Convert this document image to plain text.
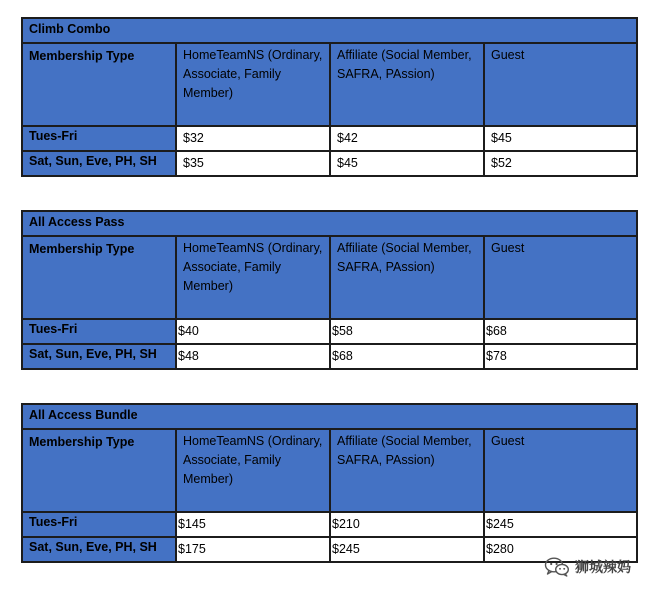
Climb Combo			
Membership Type	HomeTeamNS (Ordinary, Associate, Family Member)	Affiliate (Social Member, SAFRA, PAssion)	Guest
Tues-Fri	$32	$42	$45
Sat, Sun, Eve, PH, SH	$35	$45	$52
All Access Pass			
Membership Type	HomeTeamNS (Ordinary, Associate, Family Member)	Affiliate (Social Member, SAFRA, PAssion)	Guest
Tues-Fri	$40	$58	$68
Sat, Sun, Eve, PH, SH	$48	$68	$78
All Access Bundle			
Membership Type	HomeTeamNS (Ordinary, Associate, Family Member)	Affiliate (Social Member, SAFRA, PAssion)	Guest
Tues-Fri	$145	$210	$245
Sat, Sun, Eve, PH, SH	$175	$245	$280
狮城辣妈
